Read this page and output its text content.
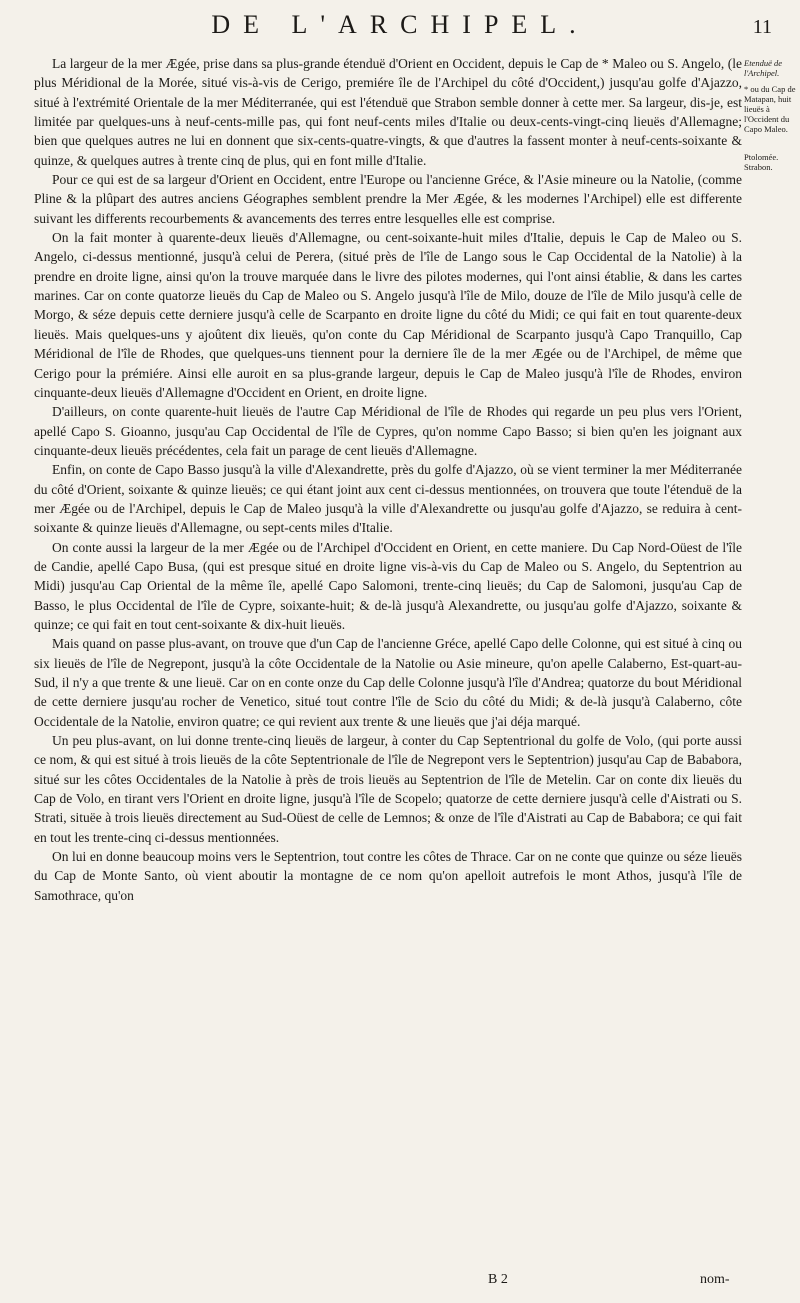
DE L'ARCHIPEL.	11

La largeur de la mer Ægée, prise dans sa plus-grande étenduë d'Orient en Occident, depuis le Cap de * Maleo ou S. Angelo, (le plus Méridional de la Morée, situé vis-à-vis de Cerigo, premiére île de l'Archipel du côté d'Occident,) jusqu'au golfe d'Ajazzo, situé à l'extrémité Orientale de la mer Méditerranée, qui est l'étenduë que Strabon semble donner à cette mer. Sa largeur, dis-je, est limitée par quelques-uns à neuf-cents-mille pas, qui font neuf-cents miles d'Italie ou deux-cents-vingt-cinq lieuës d'Allemagne; bien que quelques autres ne lui en donnent que six-cents-quatre-vingts, & que d'autres la fassent monter à neuf-cents-soixante & quinze, & quelques autres à trente cinq de plus, qui en font mille d'Italie.

Pour ce qui est de sa largeur d'Orient en Occident, entre l'Europe ou l'ancienne Gréce, & l'Asie mineure ou la Natolie, (comme Pline & la plûpart des autres anciens Géographes semblent prendre la Mer Ægée, & les modernes l'Archipel) elle est differente suivant les differents recourbements & avancements des terres entre lesquelles elle est comprise.

On la fait monter à quarente-deux lieuës d'Allemagne, ou cent-soixante-huit miles d'Italie, depuis le Cap de Maleo ou S. Angelo, ci-dessus mentionné, jusqu'à celui de Perera, (situé près de l'île de Lango sous le Cap Occidental de la Natolie) à la prendre en droite ligne, ainsi qu'on la trouve marquée dans le livre des pilotes modernes, qui l'ont ainsi établie, & dans les cartes marines. Car on conte quatorze lieuës du Cap de Maleo ou S. Angelo jusqu'à l'île de Milo, douze de l'île de Milo jusqu'à celle de Morgo, & séze depuis cette derniere jusqu'à celle de Scarpanto en droite ligne du côté du Midi; ce qui fait en tout quarente-deux lieuës. Mais quelques-uns y ajoûtent dix lieuës, qu'on conte du Cap Méridional de Scarpanto jusqu'à Capo Tranquillo, Cap Méridional de l'île de Rhodes, que quelques-uns tiennent pour la derniere île de la mer Ægée ou de l'Archipel, de même que Cerigo pour la prémiére. Ainsi elle auroit en sa plus-grande largeur, depuis le Cap de Maleo jusqu'à l'île de Rhodes, environ cinquante-deux lieuës d'Allemagne d'Occident en Orient, en droite ligne.

D'ailleurs, on conte quarente-huit lieuës de l'autre Cap Méridional de l'île de Rhodes qui regarde un peu plus vers l'Orient, apellé Capo S. Gioanno, jusqu'au Cap Occidental de l'île de Cypres, qu'on nomme Capo Basso; si bien qu'en les joignant aux cinquante-deux lieuës précédentes, cela fait un parage de cent lieuës d'Allemagne.

Enfin, on conte de Capo Basso jusqu'à la ville d'Alexandrette, près du golfe d'Ajazzo, où se vient terminer la mer Méditerranée du côté d'Orient, soixante & quinze lieuës; ce qui étant joint aux cent ci-dessus mentionnées, on trouvera que toute l'étenduë de la mer Ægée ou de l'Archipel, depuis le Cap de Maleo jusqu'à la ville d'Alexandrette ou jusqu'au golfe d'Ajazzo, se reduira à cent-soixante & quinze lieuës d'Allemagne, ou sept-cents miles d'Italie.

On conte aussi la largeur de la mer Ægée ou de l'Archipel d'Occident en Orient, en cette maniere. Du Cap Nord-Oüest de l'île de Candie, apellé Capo Busa, (qui est presque situé en droite ligne vis-à-vis du Cap de Maleo ou S. Angelo, du Septentrion au Midi) jusqu'au Cap Oriental de la même île, apellé Capo Salomoni, trente-cinq lieuës; du Cap de Salomoni, jusqu'au Cap de Basso, le plus Occidental de l'île de Cypre, soixante-huit; & de-là jusqu'à Alexandrette, ou jusqu'au golfe d'Ajazzo, soixante & quinze; ce qui fait en tout cent-soixante & dix-huit lieuës.

Mais quand on passe plus-avant, on trouve que d'un Cap de l'ancienne Gréce, apellé Capo delle Colonne, qui est situé à cinq ou six lieuës de l'île de Negrepont, jusqu'à la côte Occidentale de la Natolie ou Asie mineure, qu'on apelle Calaberno, Est-quart-au-Sud, il n'y a que trente & une lieuë. Car on en conte onze du Cap delle Colonne jusqu'à l'île d'Andrea; quatorze du bout Méridional de cette derniere jusqu'au rocher de Venetico, situé tout contre l'île de Scio du côté du Midi; & de-là jusqu'à Calaberno, côte Occidentale de la Natolie, environ quatre; ce qui revient aux trente & une lieuës que j'ai déja marqué.

Un peu plus-avant, on lui donne trente-cinq lieuës de largeur, à conter du Cap Septentrional du golfe de Volo, (qui porte aussi ce nom, & qui est situé à trois lieuës de la côte Septentrionale de l'île de Negrepont vers le Septentrion) jusqu'au Cap de Bababora, situé sur les côtes Occidentales de la Natolie à près de trois lieuës au Septentrion de l'île de Metelin. Car on conte dix lieuës du Cap de Volo, en tirant vers l'Orient en droite ligne, jusqu'à l'île de Scopelo; quatorze de cette derniere jusqu'à celle d'Aistrati ou S. Strati, situëe à trois lieuës directement au Sud-Oüest de celle de Lemnos; & onze de l'île d'Aistrati au Cap de Bababora; ce qui fait en tout les trente-cinq ci-dessus mentionnées.

On lui en donne beaucoup moins vers le Septentrion, tout contre les côtes de Thrace. Car on ne conte que quinze ou séze lieuës du Cap de Monte Santo, où vient aboutir la montagne de ce nom qu'on apelloit autrefois le mont Athos, jusqu'à l'île de Samothrace, qu'on

Etenduë de l'Archipel.
* ou du Cap de Matapan, huit lieuës à l'Occident du Capo Maleo.
Ptolomée. Strabon.
B 2	nom-
